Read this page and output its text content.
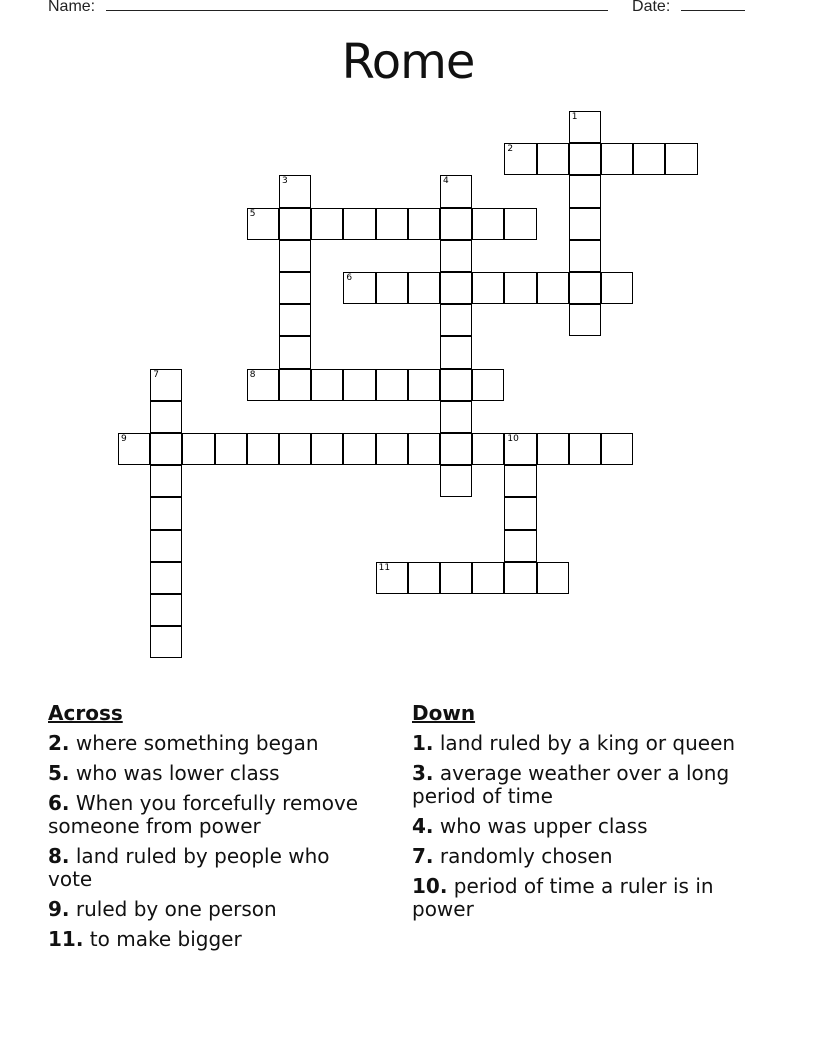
Name:	Date:
Rome
1
2
3	4
5
6
7	8
9	10
11
Across
2. where something began
5. who was lower class
6. When you forcefully remove someone from power
8. land ruled by people who vote
9. ruled by one person
11. to make bigger
Down
1. land ruled by a king or queen
3. average weather over a long period of time
4. who was upper class
7. randomly chosen
10. period of time a ruler is in power
